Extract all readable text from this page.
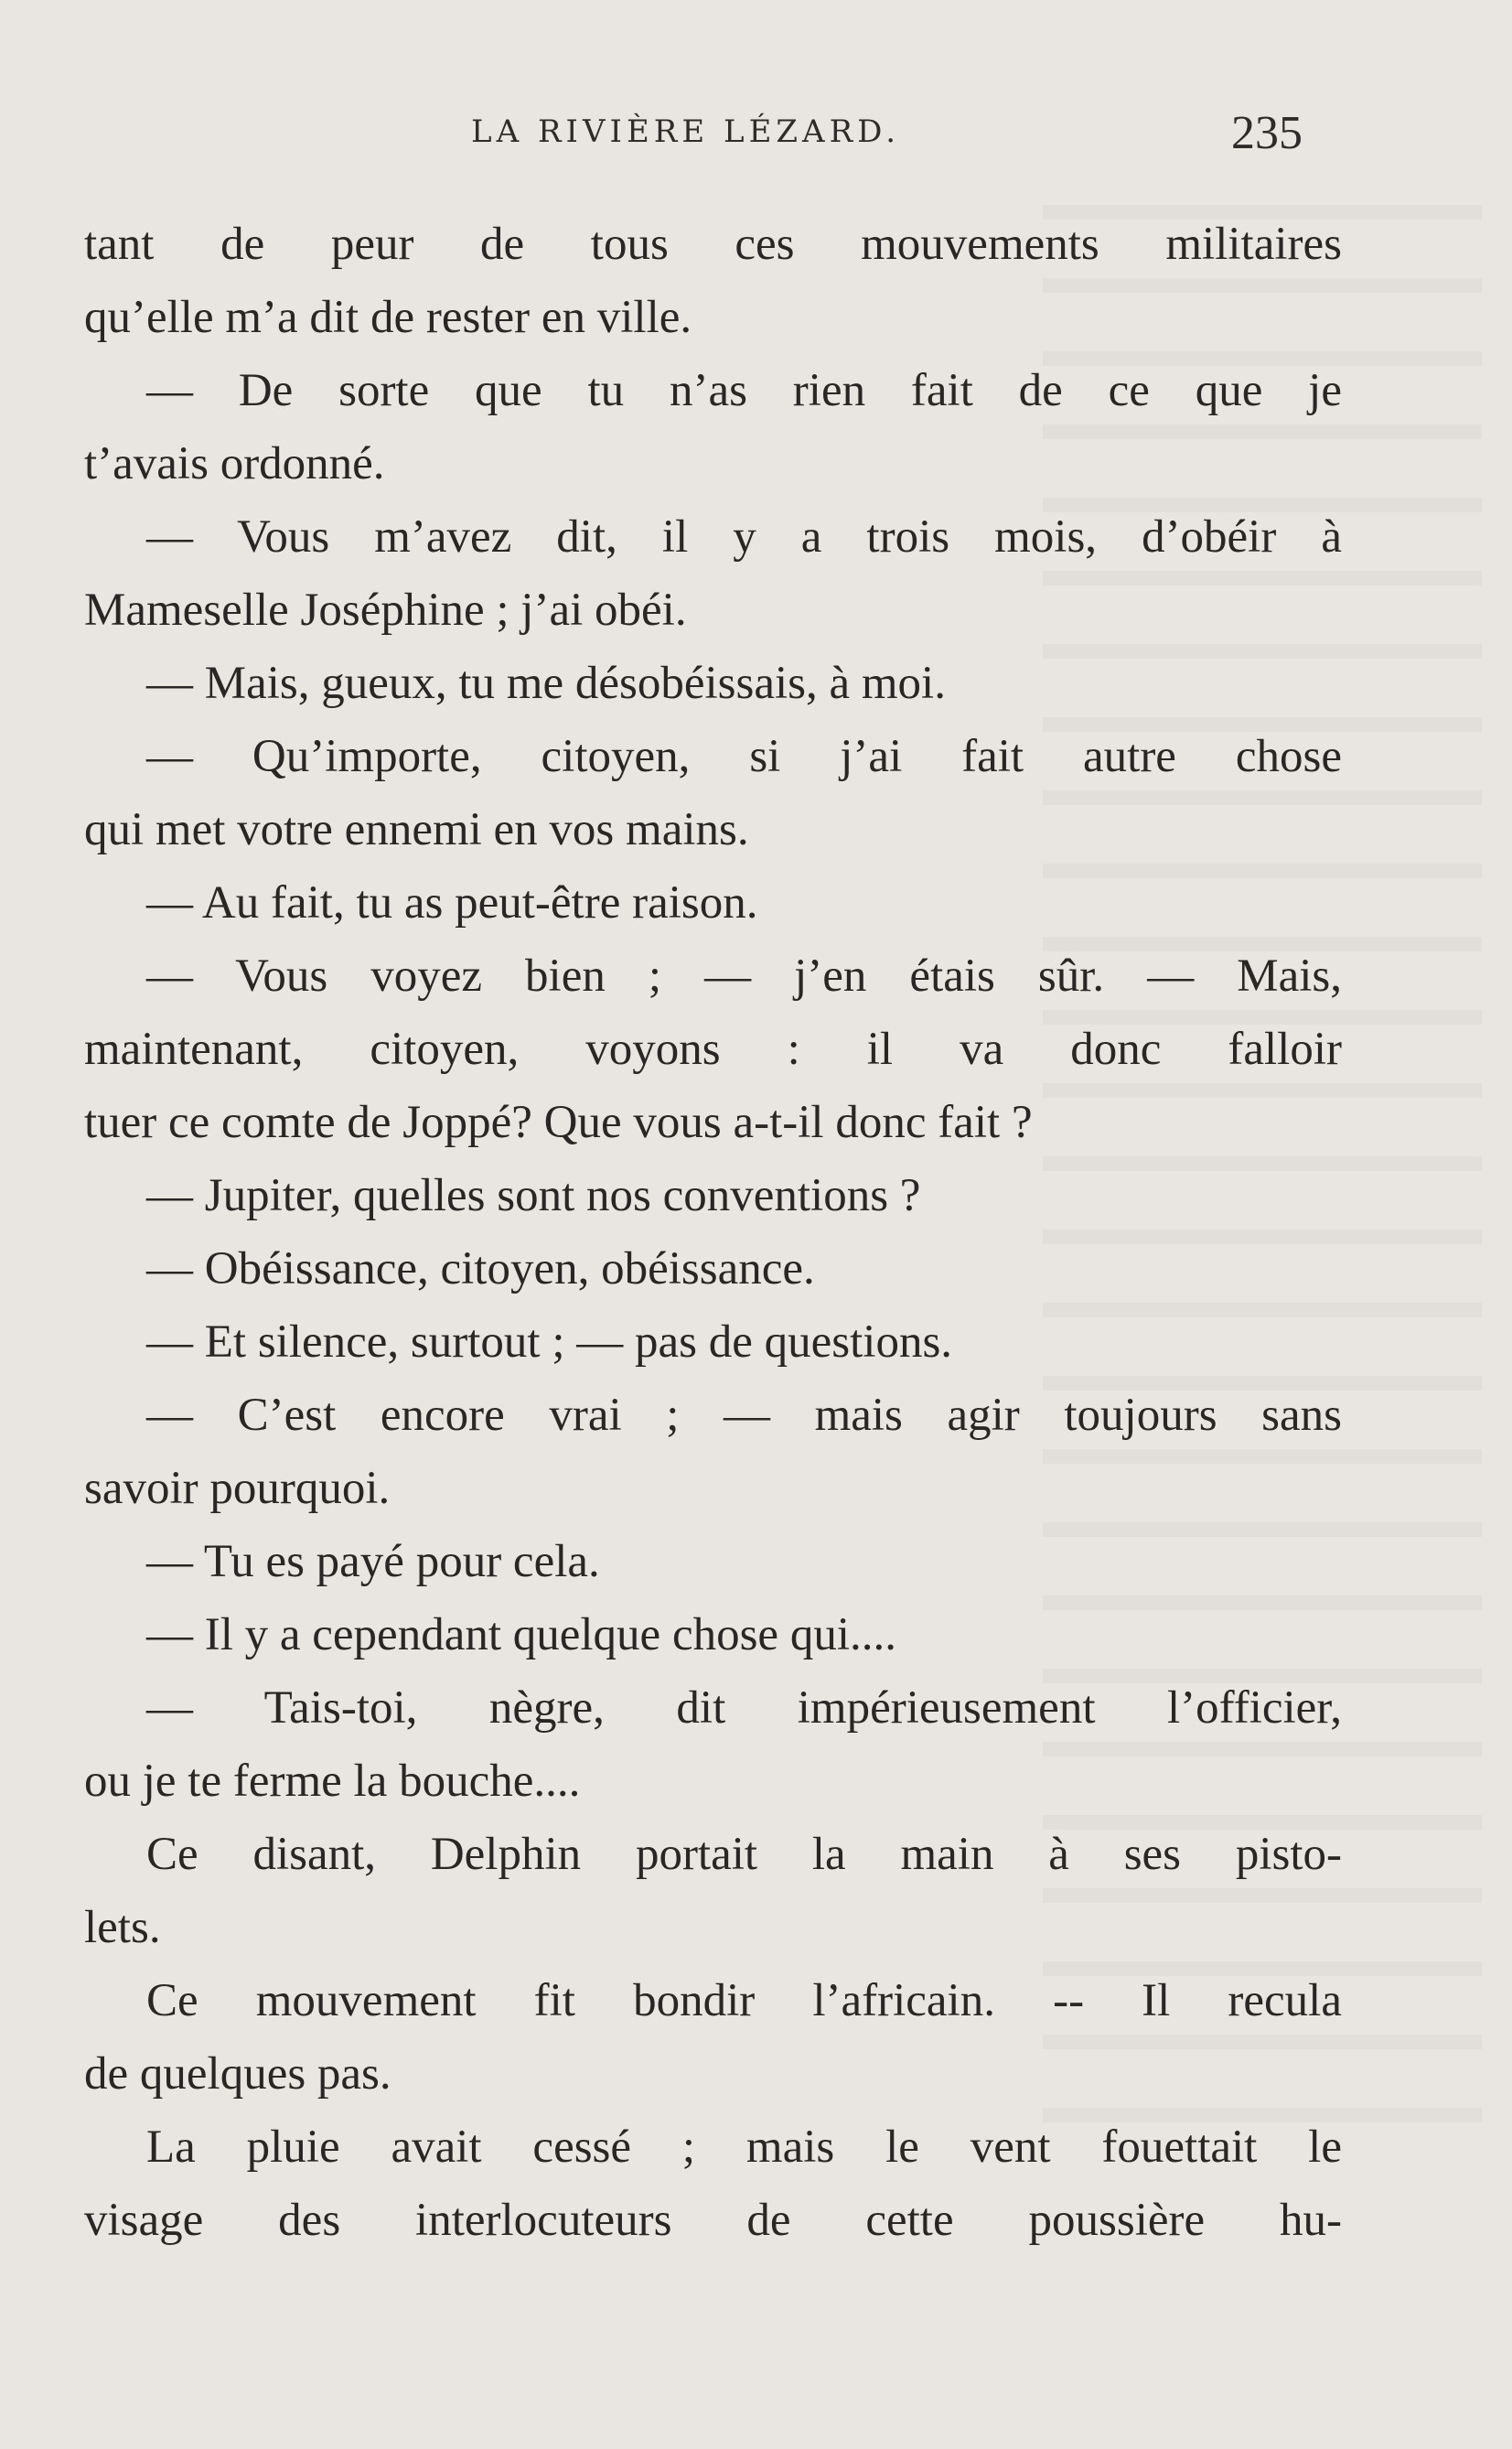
LA RIVIÈRE LÉZARD.	235
tant de peur de tous ces mouvements militaires
qu’elle m’a dit de rester en ville.
— De sorte que tu n’as rien fait de ce que je
t’avais ordonné.
— Vous m’avez dit, il y a trois mois, d’obéir à
Mameselle Joséphine ; j’ai obéi.
— Mais, gueux, tu me désobéissais, à moi.
— Qu’importe, citoyen, si j’ai fait autre chose
qui met votre ennemi en vos mains.
— Au fait, tu as peut-être raison.
— Vous voyez bien ; — j’en étais sûr. — Mais,
maintenant, citoyen, voyons : il va donc falloir
tuer ce comte de Joppé? Que vous a-t-il donc fait ?
— Jupiter, quelles sont nos conventions ?
— Obéissance, citoyen, obéissance.
— Et silence, surtout ; — pas de questions.
— C’est encore vrai ; — mais agir toujours sans
savoir pourquoi.
— Tu es payé pour cela.
— Il y a cependant quelque chose qui....
— Tais-toi, nègre, dit impérieusement l’officier,
ou je te ferme la bouche....
Ce disant, Delphin portait la main à ses pisto-
lets.
Ce mouvement fit bondir l’africain. -- Il recula
de quelques pas.
La pluie avait cessé ; mais le vent fouettait le
visage des interlocuteurs de cette poussière hu-
